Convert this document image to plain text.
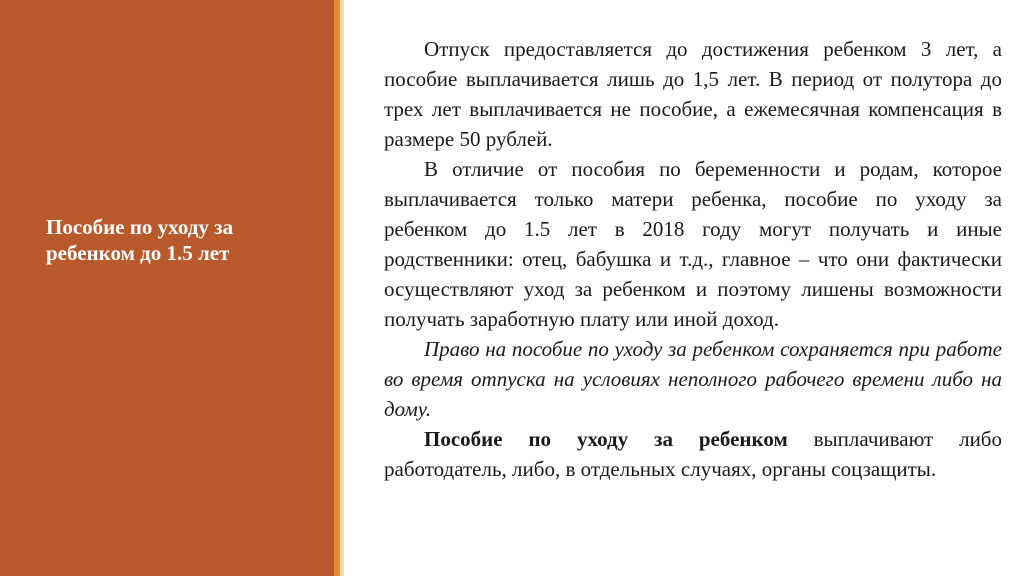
Пособие по уходу за ребенком до 1.5 лет

Отпуск предоставляется до достижения ребенком 3 лет, а пособие выплачивается лишь до 1,5 лет. В период от полутора до трех лет выплачивается не пособие, а ежемесячная компенсация в размере 50 рублей.

В отличие от пособия по беременности и родам, которое выплачивается только матери ребенка, пособие по уходу за ребенком до 1.5 лет в 2018 году могут получать и иные родственники: отец, бабушка и т.д., главное – что они фактически осуществляют уход за ребенком и поэтому лишены возможности получать заработную плату или иной доход.

Право на пособие по уходу за ребенком сохраняется при работе во время отпуска на условиях неполного рабочего времени либо на дому.

Пособие по уходу за ребенком выплачивают либо работодатель, либо, в отдельных случаях, органы соцзащиты.
